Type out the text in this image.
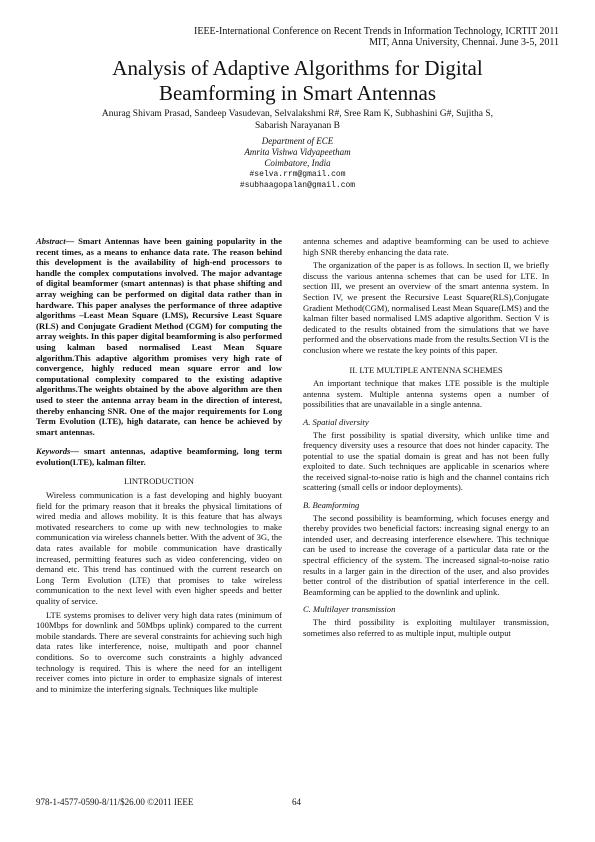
IEEE-International Conference on Recent Trends in Information Technology, ICRTIT 2011
MIT, Anna University, Chennai. June 3-5, 2011
Analysis of Adaptive Algorithms for Digital
Beamforming in Smart Antennas
Anurag Shivam Prasad, Sandeep Vasudevan, Selvalakshmi R#, Sree Ram K, Subhashini G#, Sujitha S,
Sabarish Narayanan B
Department of ECE
Amrita Vishwa Vidyapeetham
Coimbatore, India
#selva.rrm@gmail.com
#subhaagopalan@gmail.com
Abstract— Smart Antennas have been gaining popularity in the recent times, as a means to enhance data rate. The reason behind this development is the availability of high-end processors to handle the complex computations involved. The major advantage of digital beamformer (smart antennas) is that phase shifting and array weighing can be performed on digital data rather than in hardware. This paper analyses the performance of three adaptive algorithms –Least Mean Square (LMS), Recursive Least Square (RLS) and Conjugate Gradient Method (CGM) for computing the array weights. In this paper digital beamforming is also performed using kalman based normalised Least Mean Square algorithm.This adaptive algorithm promises very high rate of convergence, highly reduced mean square error and low computational complexity compared to the existing adaptive algorithms.The weights obtained by the above algorithm are then used to steer the antenna array beam in the direction of interest, thereby enhancing SNR. One of the major requirements for Long Term Evolution (LTE), high datarate, can hence be achieved by smart antennas.
Keywords— smart antennas, adaptive beamforming, long term evolution(LTE), kalman filter.
I.INTRODUCTION

Wireless communication is a fast developing and highly buoyant field for the primary reason that it breaks the physical limitations of wired media and allows mobility. It is this feature that has always motivated researchers to come up with new technologies to make communication via wireless channels better. With the advent of 3G, the data rates available for mobile communication have drastically increased, permitting features such as video conferencing, video on demand etc. This trend has continued with the current research on Long Term Evolution (LTE) that promises to take wireless communication to the next level with even higher speeds and better quality of service.

LTE systems promises to deliver very high data rates (minimum of 100Mbps for downlink and 50Mbps uplink) compared to the current mobile standards. There are several constraints for achieving such high data rates like interference, noise, multipath and poor channel conditions. So to overcome such constraints a highly advanced technology is required. This is where the need for an intelligent receiver comes into picture in order to emphasize signals of interest and to minimize the interfering signals. Techniques like multiple

antenna schemes and adaptive beamforming can be used to achieve high SNR thereby enhancing the data rate.

The organization of the paper is as follows. In section II, we briefly discuss the various antenna schemes that can be used for LTE. In section III, we present an overview of the smart antenna system. In Section IV, we present the Recursive Least Square(RLS),Conjugate Gradient Method(CGM), normalised Least Mean Square(LMS) and the kalman filter based normalised LMS adaptive algorithm. Section V is dedicated to the results obtained from the simulations that we have performed and the observations made from the results.Section VI is the conclusion where we restate the key points of this paper.

II. LTE MULTIPLE ANTENNA SCHEMES

An important technique that makes LTE possible is the multiple antenna system. Multiple antenna systems open a number of possibilities that are unavailable in a single antenna.

A. Spatial diversity

The first possibility is spatial diversity, which unlike time and frequency diversity uses a resource that does not hinder capacity. The potential to use the spatial domain is great and has not been fully exploited to date. Such techniques are applicable in scenarios where the received signal-to-noise ratio is high and the channel contains rich scattering (small cells or indoor deployments).

B. Beamforming

The second possibility is beamforming, which focuses energy and thereby provides two beneficial factors: increasing signal energy to an intended user, and decreasing interference elsewhere. This technique can be used to increase the coverage of a particular data rate or the spectral efficiency of the system. The increased signal-to-noise ratio results in a larger gain in the direction of the user, and also provides better control of the distribution of spatial interference in the cell. Beamforming can be applied to the downlink and uplink.

C. Multilayer transmission

The third possibility is exploiting multilayer transmission, sometimes also referred to as multiple input, multiple output

978-1-4577-0590-8/11/$26.00 ©2011 IEEE	64
